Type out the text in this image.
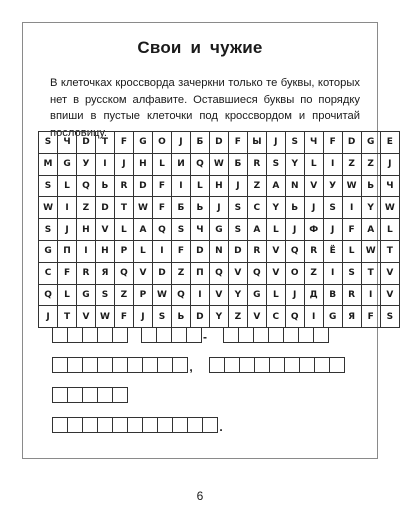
Свои и чужие
В клеточках кроссворда зачеркни только те буквы, которых нет в русском алфавите. Оставшиеся буквы по порядку впиши в пустые клеточки под кроссвордом и прочитай пословицу.
S	Ч	D	T	F	G	O	J	Б	D	F	Ы	J	S	Ч	F	D	G	E
M	G	У	I	J	H	L	И	Q	W	Б	R	S	Y	L	I	Z	Z	J
S	L	Q	Ь	R	D	F	I	L	H	J	Z	A	N	V	У	W	Ь	Ч
W	I	Z	D	T	W	F	Б	Ь	J	S	C	Y	Ь	J	S	I	Y	W
S	J	H	V	L	A	Q	S	Ч	G	S	A	L	J	Ф	J	F	A	L
G	П	I	H	P	L	I	F	D	N	D	R	V	Q	R	Ё	L	W	T
C	F	R	Я	Q	V	D	Z	П	Q	V	Q	V	O	Z	I	S	T	V
Q	L	G	S	Z	P	W	Q	I	V	Y	G	L	J	Д	В	R	I	V
J	T	V	W	F	J	S	Ь	D	Y	Z	V	C	Q	I	G	Я	F	S
-
,
.
6
